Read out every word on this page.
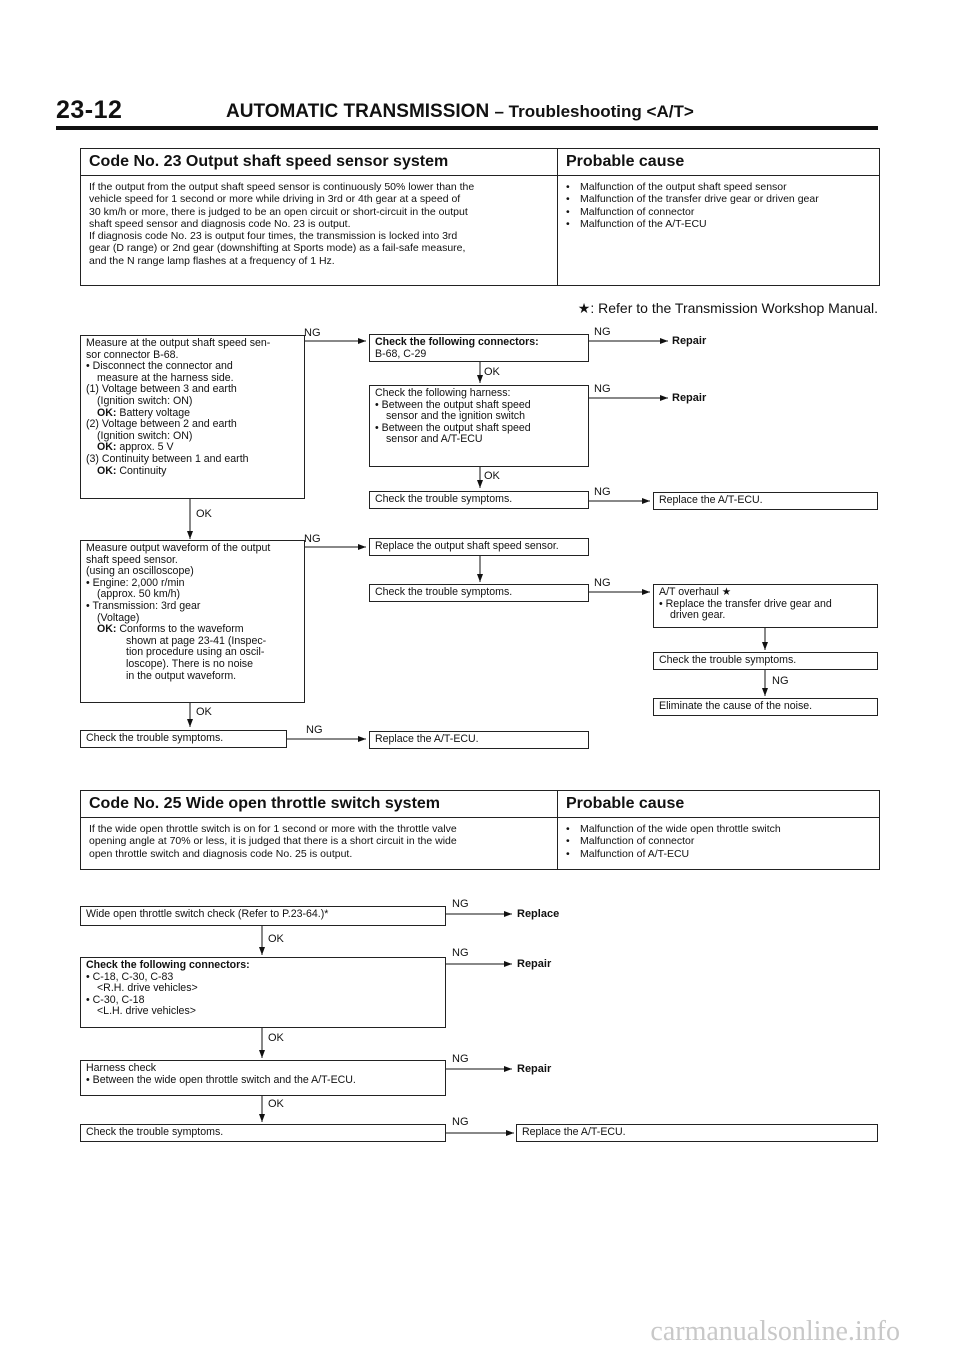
23-12	AUTOMATIC TRANSMISSION – Troubleshooting <A/T>
Code No. 23 Output shaft speed sensor system	Probable cause
If the output from the output shaft speed sensor is continuously 50% lower than the
vehicle speed for 1 second or more while driving in 3rd or 4th gear at a speed of
30 km/h or more, there is judged to be an open circuit or short-circuit in the output
shaft speed sensor and diagnosis code No. 23 is output.
If diagnosis code No. 23 is output four times, the transmission is locked into 3rd
gear (D range) or 2nd gear (downshifting at Sports mode) as a fail-safe measure,
and the N range lamp flashes at a frequency of 1 Hz.
• Malfunction of the output shaft speed sensor
• Malfunction of the transfer drive gear or driven gear
• Malfunction of connector
• Malfunction of the A/T-ECU
★: Refer to the Transmission Workshop Manual.
Measure at the output shaft speed sen-
sor connector B-68.
• Disconnect the connector and
measure at the harness side.
(1) Voltage between 3 and earth
(Ignition switch: ON)
OK: Battery voltage
(2) Voltage between 2 and earth
(Ignition switch: ON)
OK: approx. 5 V
(3) Continuity between 1 and earth
OK: Continuity
OK
Measure output waveform of the output
shaft speed sensor.
(using an oscilloscope)
• Engine: 2,000 r/min
(approx. 50 km/h)
• Transmission: 3rd gear
(Voltage)
OK: Conforms to the waveform
shown at page 23-41 (Inspec-
tion procedure using an oscil-
loscope). There is no noise
in the output waveform.
OK
Check the trouble symptoms.
NG
NG
NG
Check the following connectors:
B-68, C-29
OK
Check the following harness:
• Between the output shaft speed
sensor and the ignition switch
• Between the output shaft speed
sensor and A/T-ECU
OK
Check the trouble symptoms.
Replace the output shaft speed sensor.
Check the trouble symptoms.
Replace the A/T-ECU.
NG
NG
NG
NG
Repair
Repair
Replace the A/T-ECU.
A/T overhaul ★
• Replace the transfer drive gear and
driven gear.
Check the trouble symptoms.
NG
Eliminate the cause of the noise.
Code No. 25 Wide open throttle switch system	Probable cause
If the wide open throttle switch is on for 1 second or more with the throttle valve
opening angle at 70% or less, it is judged that there is a short circuit in the wide
open throttle switch and diagnosis code No. 25 is output.
• Malfunction of the wide open throttle switch
• Malfunction of connector
• Malfunction of A/T-ECU
Wide open throttle switch check (Refer to P.23-64.)*
OK
Check the following connectors:
• C-18, C-30, C-83
<R.H. drive vehicles>
• C-30, C-18
<L.H. drive vehicles>
OK
Harness check
• Between the wide open throttle switch and the A/T-ECU.
OK
Check the trouble symptoms.
NG
NG
NG
NG
Replace
Repair
Repair
Replace the A/T-ECU.
carmanualsonline.info
